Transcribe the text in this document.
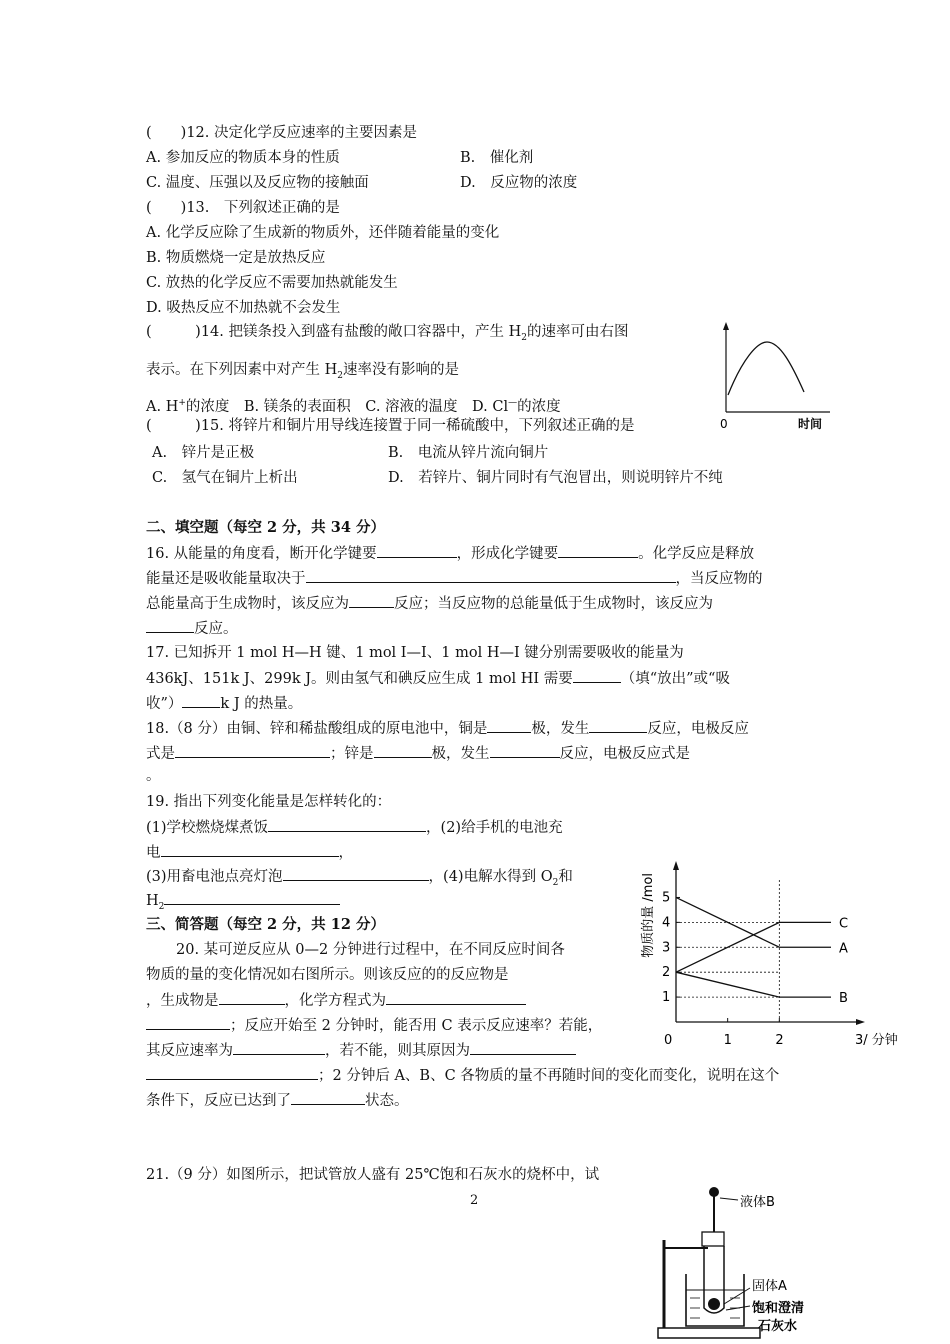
(　　)12. 决定化学反应速率的主要因素是
A. 参加反应的物质本身的性质	B.　催化剂
C. 温度、压强以及反应物的接触面	D.　反应物的浓度
(　　)13.　下列叙述正确的是
A. 化学反应除了生成新的物质外，还伴随着能量的变化
B. 物质燃烧一定是放热反应
C. 放热的化学反应不需要加热就能发生
D. 吸热反应不加热就不会发生
(　　　)14. 把镁条投入到盛有盐酸的敞口容器中，产生 $H_2$的速率可由右图
表示。在下列因素中对产生 $H_2$速率没有影响的是
A. H+的浓度　B. 镁条的表面积　C. 溶液的温度　D. Cl—的浓度
0	时间
(　　　)15. 将锌片和铜片用导线连接置于同一稀硫酸中，下列叙述正确的是
A.　锌片是正极	B.　电流从锌片流向铜片
C.　氢气在铜片上析出	D.　若锌片、铜片同时有气泡冒出，则说明锌片不纯
二、填空题（每空 2 分，共 34 分）
16. 从能量的角度看，断开化学键要	，形成化学键要	。化学反应是释放
能量还是吸收能量取决于	，当反应物的
总能量高于生成物时，该反应为	反应；当反应物的总能量低于生成物时，该反应为
反应。
17. 已知拆开 1 mol H—H 键、1 mol I—I、1 mol H—I 键分别需要吸收的能量为
436kJ、151k J、299k J。则由氢气和碘反应生成 1 mol HI 需要	（填“放出”或“吸
收”）	k J 的热量。
18.（8 分）由铜、锌和稀盐酸组成的原电池中，铜是	极，发生	反应，电极反应
式是	；锌是	极，发生	反应，电极反应式是
。
19. 指出下列变化能量是怎样转化的：
(1)学校燃烧煤煮饭	，(2)给手机的电池充
电	，
(3)用畜电池点亮灯泡	，(4)电解水得到 $O_2$和
$H_2$
三、简答题（每空 2 分，共 12 分）
20. 某可逆反应从 0—2 分钟进行过程中，在不同反应时间各
物质的量的变化情况如右图所示。则该反应的的反应物是
，生成物是	，化学方程式为
；反应开始至 2 分钟时，能否用 C 表示反应速率？若能，
其反应速率为	，若不能，则其原因为
；2 分钟后 A、B、C 各物质的量不再随时间的变化而变化，说明在这个
条件下，反应已达到了	状态。
1
2
3
4
5
0	1	2
C
A
B
3/ 分钟
物质的量 /mol
21.（9 分）如图所示，把试管放人盛有 25℃饱和石灰水的烧杯中，试
2	液体B
固体A
饱和澄清
石灰水
